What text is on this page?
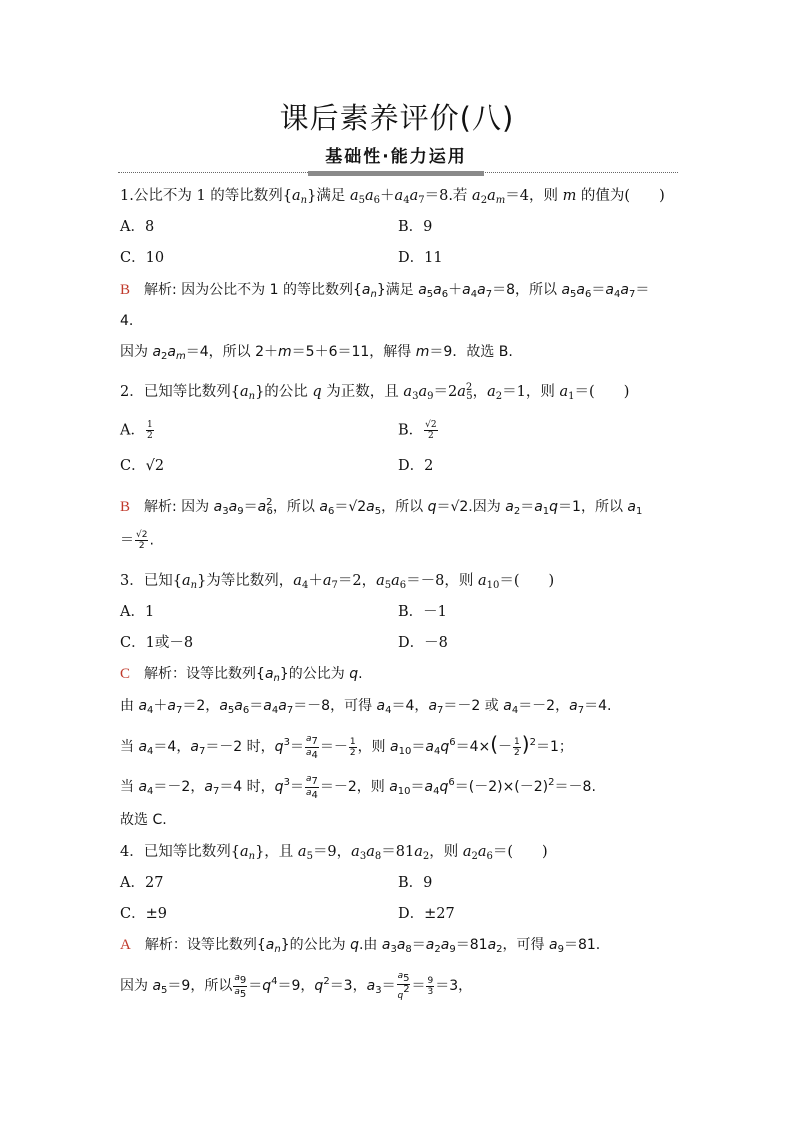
课后素养评价(八)
基础性·能力运用
1.公比不为 1 的等比数列$\{a_n\}$满足 $a_5a_6+a_4a_7=8$.若 $a_2a_m=4$，则 m 的值为(　　)
A．8	B．9
C．10	D．11
B　 解析: 因为公比不为 1 的等比数列$\{a_n\}$满足 $a_5a_6+a_4a_7=8$，所以 $a_5a_6=a_4a_7=$
4.
因为 $a_2a_m=4$，所以 2＋m＝5＋6＝11，解得 m＝9．故选 B.
2．已知等比数列$\{a_n\}$的公比 q 为正数，且 $a_3a_9=2a^2_5$，$a_2=1$，则 $a_1=$(　　)
A． $\frac{1}{2}$	B． $\frac{√2}{2}$
C．√2	D．2
B　 解析: 因为 $a_3a_9=a^2_6$，所以 $a_6=√2a_5$，所以 q＝√2.因为 $a_2=a_1q=1$，所以 $a_1$
＝ $\frac{√2}{2}$ .
3．已知$\{a_n\}$为等比数列，$a_4+a_7=2$，$a_5a_6=-8$，则 $a_{10}=$(　　)
A．1	B．－1
C．1或－8	D．－8
C　 解析：设等比数列$\{a_n\}$的公比为 q.
由 $a_4+a_7=2$，$a_5a_6=a_4a_7=-8$，可得 $a_4=4$，$a_7=-2$ 或 $a_4=-2$，$a_7=4$.
当 $a_4=4$，$a_7=-2$ 时，$q^3= \frac{a_7}{a_4} =- \frac{1}{2}$ ，则 $a_{10}=a_4q^6=4\times(- \frac{1}{2} )^2=1$；
当 $a_4=-2$，$a_7=4$ 时，$q^3= \frac{a_7}{a_4} =-2$，则 $a_{10}=a_4q^6=(-2)\times(-2)^2=-8$.
故选 C.
4．已知等比数列$\{a_n\}$，且 $a_5=9$，$a_3a_8=81a_2$，则 $a_2a_6=$(　　)
A．27	B．9
C．±9	D．±27
A　 解析：设等比数列$\{a_n\}$的公比为 q.由 $a_3a_8=a_2a_9=81a_2$，可得 $a_9=81$.
因为 $a_5=9$，所以 $\frac{a_9}{a_5} =q^4=9$，$q^2=3$，$a_3= \frac{a_5}{q^2} = \frac{9}{3} =3$，
